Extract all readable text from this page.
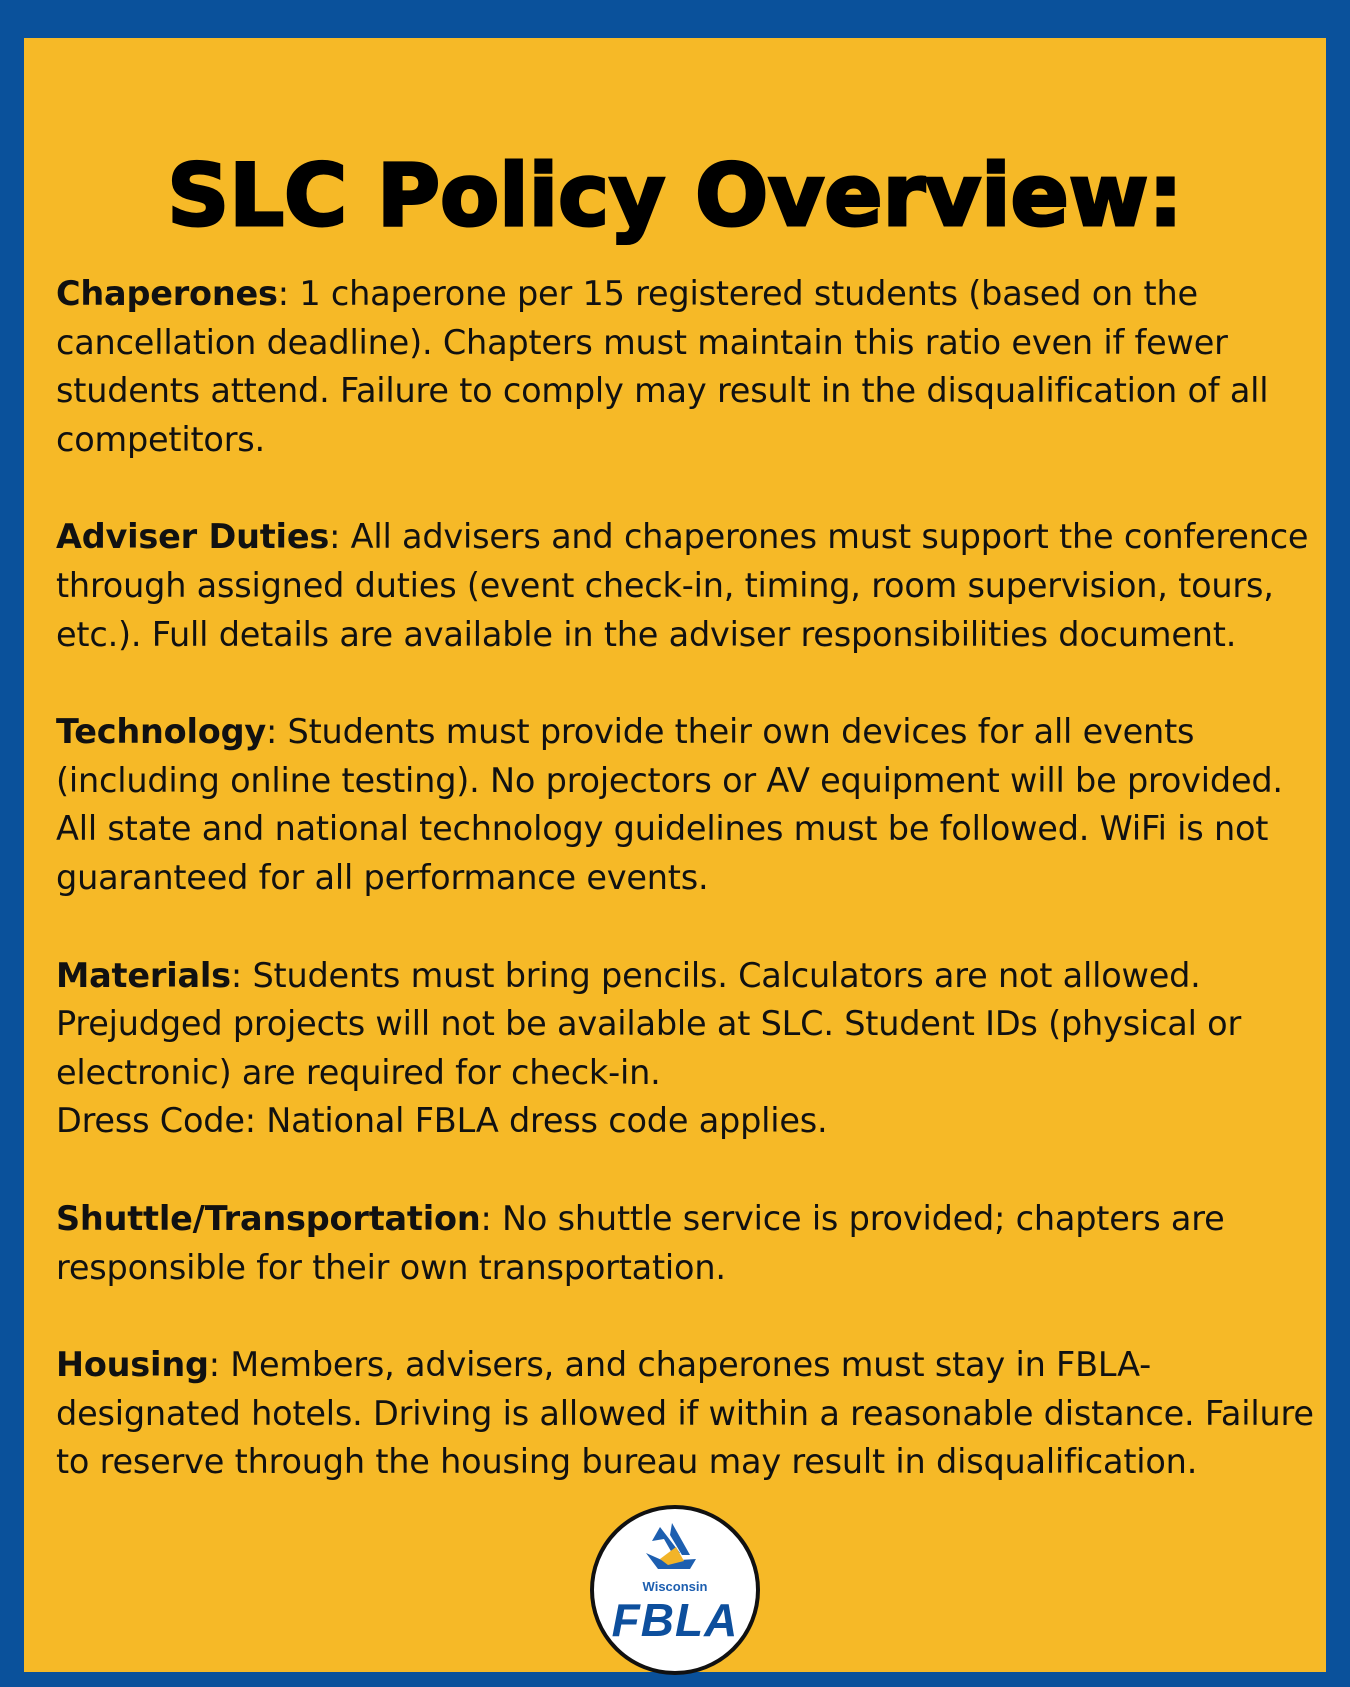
SLC Policy Overview:

Chaperones: 1 chaperone per 15 registered students (based on the cancellation deadline). Chapters must maintain this ratio even if fewer students attend. Failure to comply may result in the disqualification of all competitors.

Adviser Duties: All advisers and chaperones must support the conference through assigned duties (event check-in, timing, room supervision, tours, etc.). Full details are available in the adviser responsibilities document.

Technology: Students must provide their own devices for all events (including online testing). No projectors or AV equipment will be provided. All state and national technology guidelines must be followed. WiFi is not guaranteed for all performance events.

Materials: Students must bring pencils. Calculators are not allowed. Prejudged projects will not be available at SLC. Student IDs (physical or electronic) are required for check-in.

Dress Code: National FBLA dress code applies.

Shuttle/Transportation: No shuttle service is provided; chapters are responsible for their own transportation.

Housing: Members, advisers, and chaperones must stay in FBLA-designated hotels. Driving is allowed if within a reasonable distance. Failure to reserve through the housing bureau may result in disqualification.

Wisconsin
FBLA
